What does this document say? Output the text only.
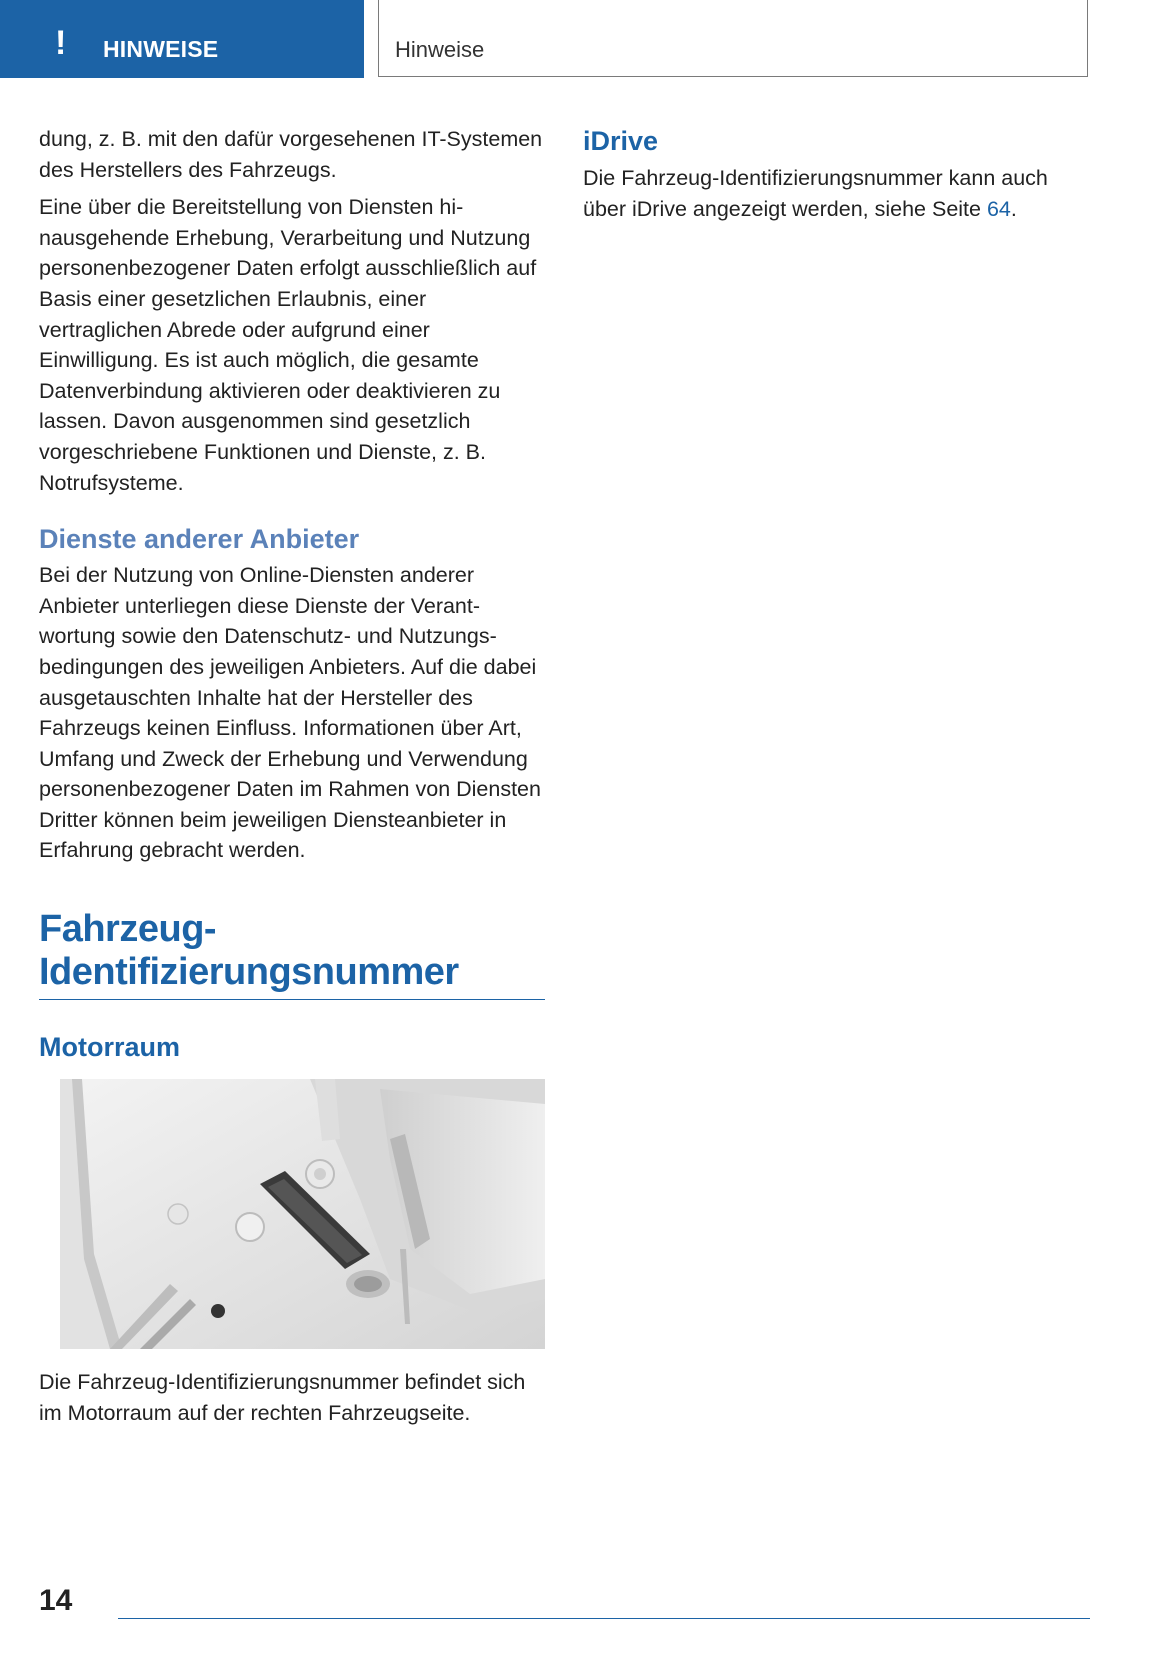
! HINWEISE	Hinweise

dung, z. B. mit den dafür vorgesehenen IT-Systemen des Herstellers des Fahrzeugs.

Eine über die Bereitstellung von Diensten hinausgehende Erhebung, Verarbeitung und Nutzung personenbezogener Daten erfolgt ausschließlich auf Basis einer gesetzlichen Erlaubnis, einer vertraglichen Abrede oder aufgrund einer Einwilligung. Es ist auch möglich, die gesamte Datenverbindung aktivieren oder deaktivieren zu lassen. Davon ausgenommen sind gesetzlich vorgeschriebene Funktionen und Dienste, z. B. Notrufsysteme.

Dienste anderer Anbieter

Bei der Nutzung von Online-Diensten anderer Anbieter unterliegen diese Dienste der Verantwortung sowie den Datenschutz- und Nutzungsbedingungen des jeweiligen Anbieters. Auf die dabei ausgetauschten Inhalte hat der Hersteller des Fahrzeugs keinen Einfluss. Informationen über Art, Umfang und Zweck der Erhebung und Verwendung personenbezogener Daten im Rahmen von Diensten Dritter können beim jeweiligen Diensteanbieter in Erfahrung gebracht werden.

Fahrzeug-
Identifizierungsnummer
Motorraum

Die Fahrzeug-Identifizierungsnummer befindet sich im Motorraum auf der rechten Fahrzeugseite.

iDrive

Die Fahrzeug-Identifizierungsnummer kann auch über iDrive angezeigt werden, siehe Seite 64.

14
